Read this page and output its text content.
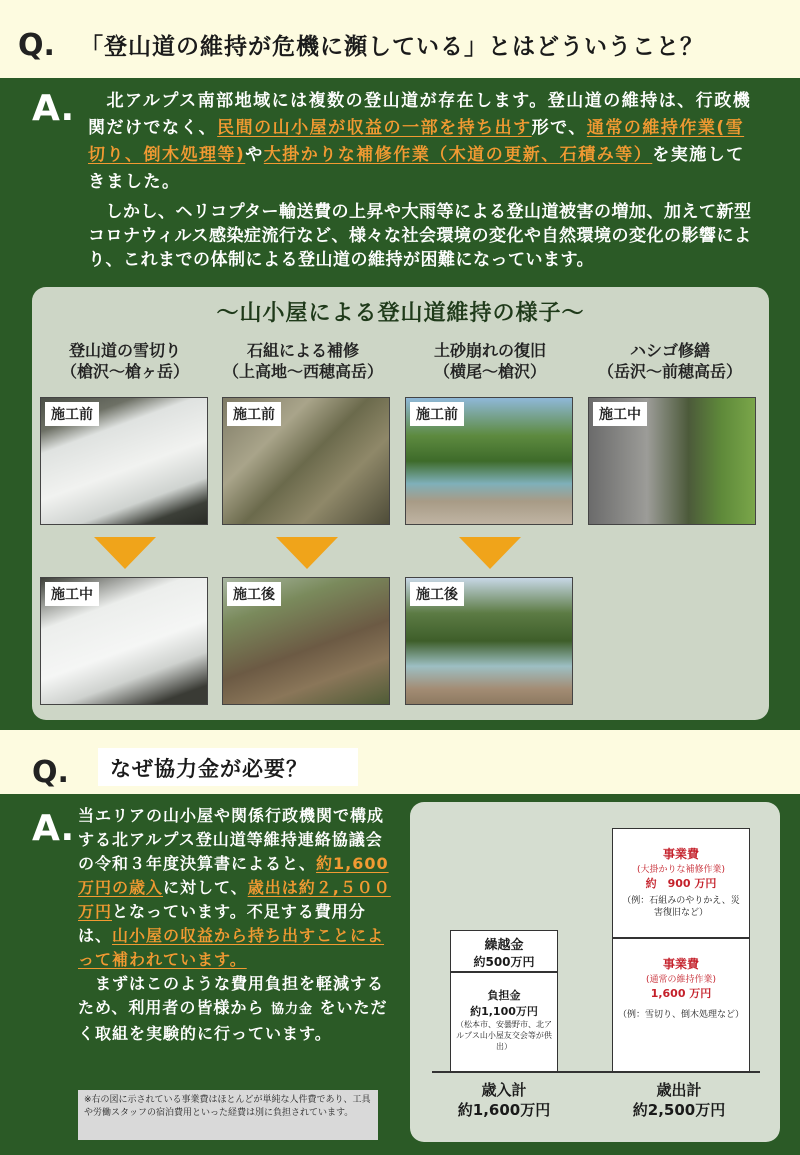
Q. 「登山道の維持が危機に瀕している」とはどういうこと？
A. 　北アルプス南部地域には複数の登山道が存在します。登山道の維持は、行政機関だけでなく、民間の山小屋が収益の一部を持ち出す形で、通常の維持作業(雪切り、倒木処理等)や大掛かりな補修作業（木道の更新、石積み等）を実施してきました。
　しかし、ヘリコプター輸送費の上昇や大雨等による登山道被害の増加、加えて新型コロナウィルス感染症流行など、様々な社会環境の変化や自然環境の変化の影響により、これまでの体制による登山道の維持が困難になっています。
～山小屋による登山道維持の様子～
登山道の雪切り
（槍沢～槍ヶ岳）
石組による補修
（上高地～西穂高岳）
土砂崩れの復旧
（横尾～槍沢）
ハシゴ修繕
（岳沢～前穂高岳）
施工前	施工前	施工前	施工中
施工中	施工後	施工後
Q. なぜ協力金が必要？
A. 当エリアの山小屋や関係行政機関で構成する北アルプス登山道等維持連絡協議会の令和３年度決算書によると、約1,600万円の歳入に対して、歳出は約２,５００万円となっています。不足する費用分は、山小屋の収益から持ち出すことによって補われています。
　まずはこのような費用負担を軽減するため、利用者の皆様から 協力金 をいただく取組を実験的に行っています。
※右の図に示されている事業費はほとんどが単純な人件費であり、工具や労働スタッフの宿泊費用といった経費は別に負担されています。
繰越金
約500万円
負担金
約1,100万円
（松本市、安曇野市、北アルプス山小屋友交会等が供出）
事業費
(大掛かりな補修作業)
約　900 万円
（例：石組みのやりかえ、災害復旧など）
事業費
(通常の維持作業)
1,600 万円
（例：雪切り、倒木処理など）
歳入計
約1,600万円
歳出計
約2,500万円
